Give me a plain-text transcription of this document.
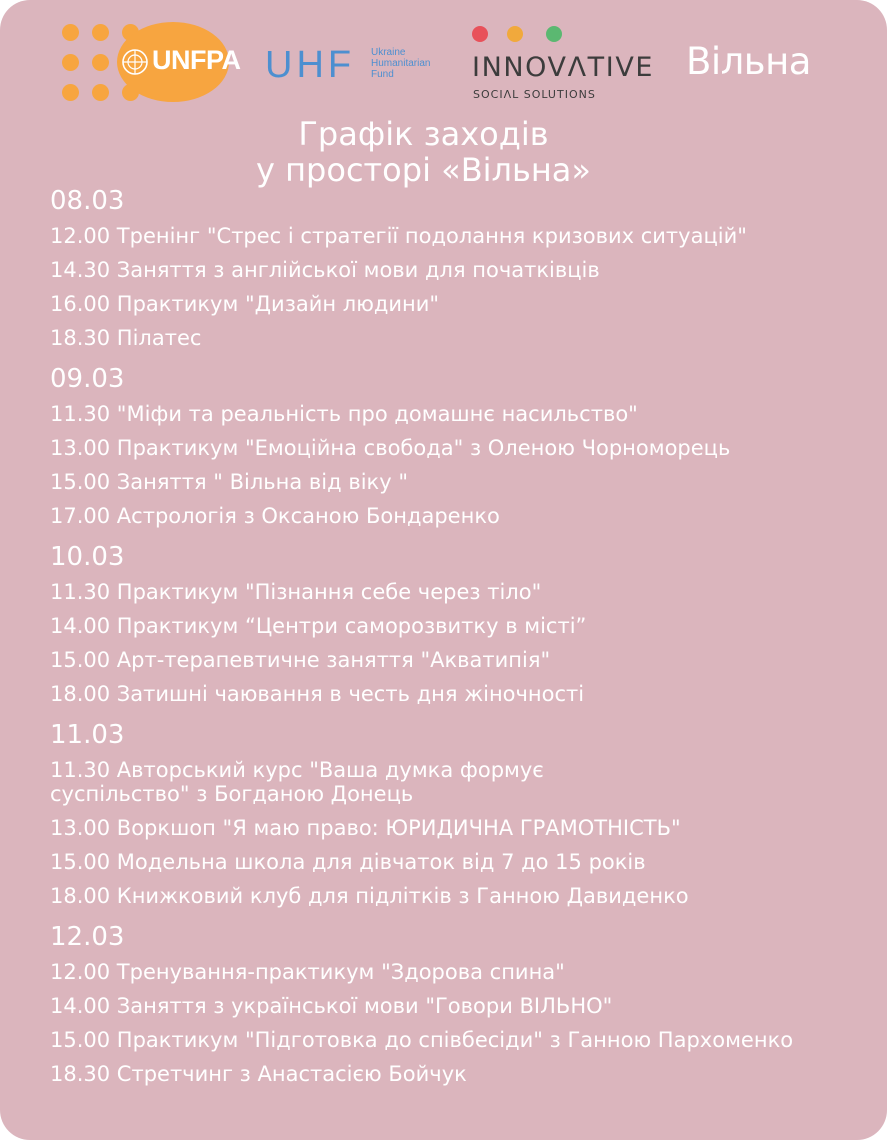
UNFPA UHF Ukraine
Humanitarian
Fund	INNOVΛTIVE
SOCIΛL SOLUTIONS
Вільна
Графік заходів
у просторі «Вільна»
08.03
12.00 Тренінг "Стрес і стратегії подолання кризових ситуацій"
14.30 Заняття з англійської мови для початківців
16.00 Практикум "Дизайн людини"
18.30 Пілатес
09.03
11.30 "Міфи та реальність про домашнє насильство"
13.00 Практикум "Емоційна свобода" з Оленою Чорноморець
15.00 Заняття " Вільна від віку "
17.00 Астрологія з Оксаною Бондаренко
10.03
11.30 Практикум "Пізнання себе через тіло"
14.00 Практикум “Центри саморозвитку в місті”
15.00 Арт-терапевтичне заняття "Акватипія"
18.00 Затишні чаювання в честь дня жіночності
11.03
11.30 Авторський курс "Ваша думка формує
суспільство" з Богданою Донець
13.00 Воркшоп "Я маю право: ЮРИДИЧНА ГРАМОТНІСТЬ"
15.00 Модельна школа для дівчаток від 7 до 15 років
18.00 Книжковий клуб для підлітків з Ганною Давиденко
12.03
12.00 Тренування-практикум "Здорова спина"
14.00 Заняття з української мови "Говори ВІЛЬНО"
15.00 Практикум "Підготовка до співбесіди" з Ганною Пархоменко
18.30 Стретчинг з Анастасією Бойчук
